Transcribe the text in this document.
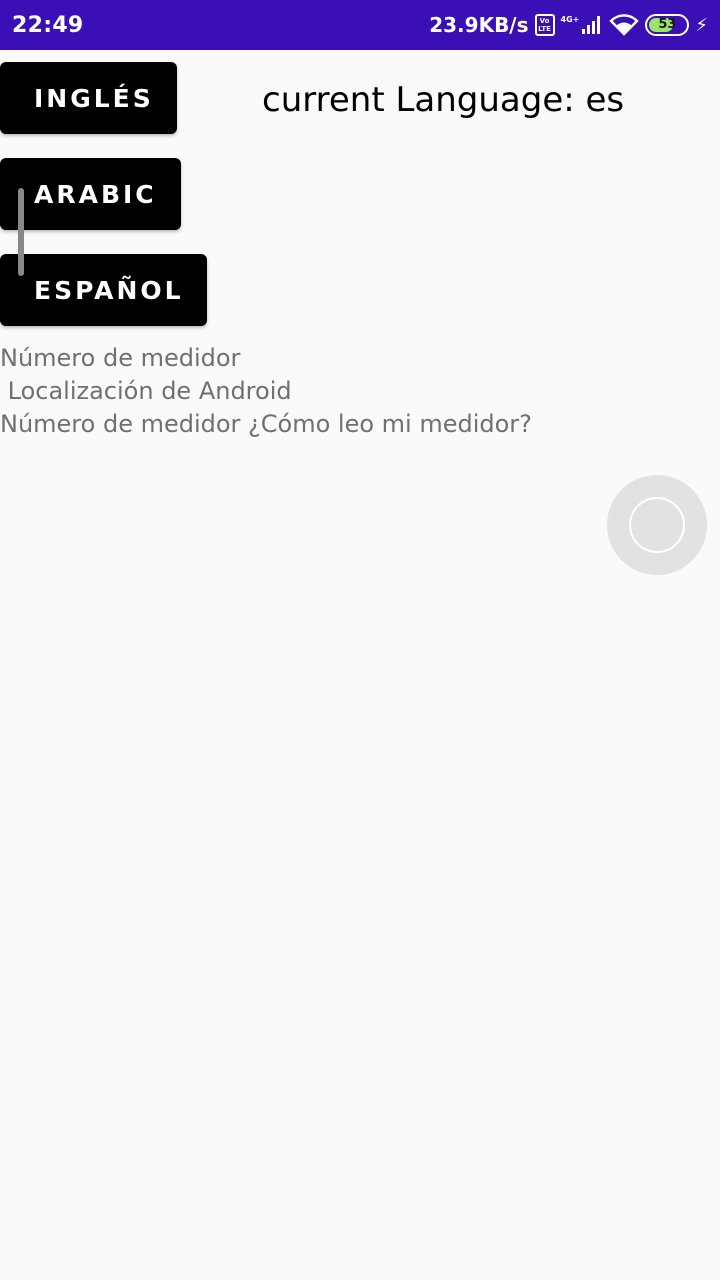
22:49	23.9KB/s	Vo
LTE
4G+	53	⚡
INGLÉS
ARABIC
ESPAÑOL
current Language: es
Número de medidor
Localización de Android
Número de medidor ¿Cómo leo mi medidor?
